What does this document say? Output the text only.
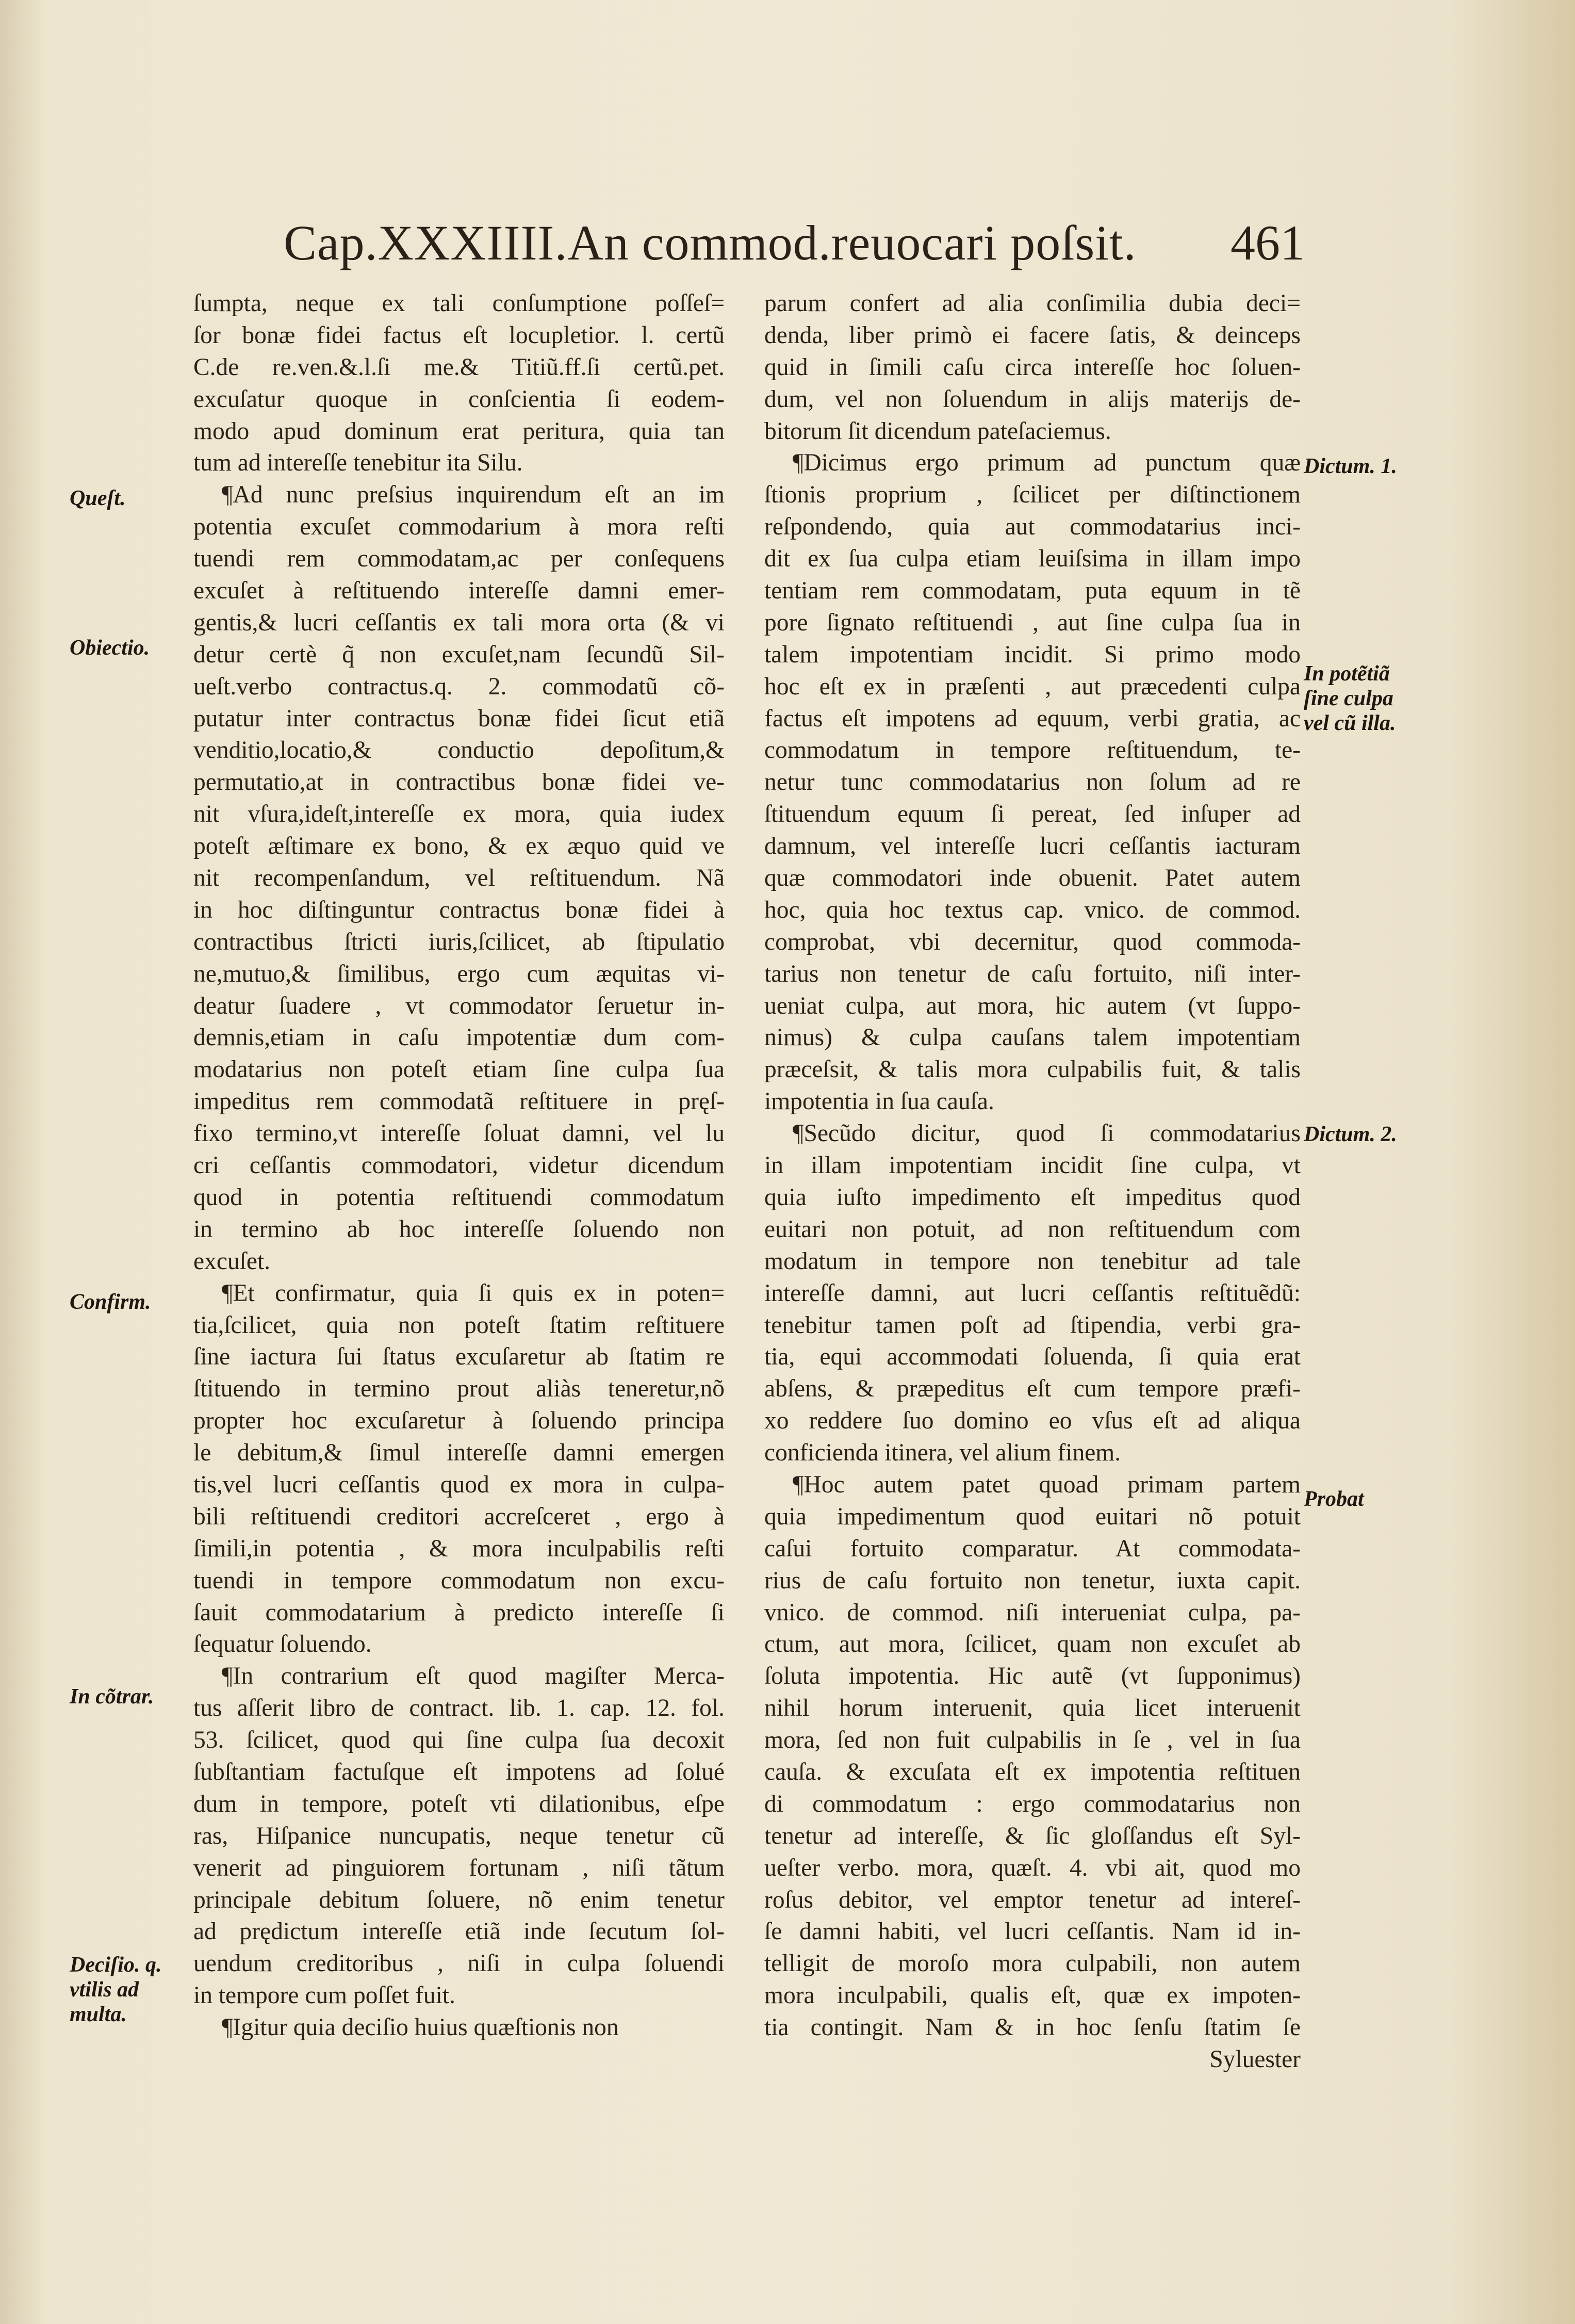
Cap.XXXIIII.An commod.reuocari poſsit. 461
ſumpta, neque ex tali conſumptione poſſeſ=
ſor bonæ fidei factus eſt locupletior. l. certũ
C.de re.ven.&.l.ſi me.& Titiũ.ff.ſi certũ.pet.
excuſatur quoque in conſcientia ſi eodem-
modo apud dominum erat peritura, quia tan
tum ad intereſſe tenebitur ita Silu.
¶Ad nunc preſsius inquirendum eſt an im
potentia excuſet commodarium à mora reſti
tuendi rem commodatam,ac per conſequens
excuſet à reſtituendo intereſſe damni emer-
gentis,& lucri ceſſantis ex tali mora orta (& vi
detur certè q̃ non excuſet,nam ſecundũ Sil-
ueſt.verbo contractus.q. 2. commodatũ cõ-
putatur inter contractus bonæ fidei ſicut etiã
venditio,locatio,& conductio depoſitum,&
permutatio,at in contractibus bonæ fidei ve-
nit vſura,ideſt,intereſſe ex mora, quia iudex
poteſt æſtimare ex bono, & ex æquo quid ve
nit recompenſandum, vel reſtituendum. Nã
in hoc diſtinguntur contractus bonæ fidei à
contractibus ſtricti iuris,ſcilicet, ab ſtipulatio
ne,mutuo,& ſimilibus, ergo cum æquitas vi-
deatur ſuadere , vt commodator ſeruetur in-
demnis,etiam in caſu impotentiæ dum com-
modatarius non poteſt etiam ſine culpa ſua
impeditus rem commodatã reſtituere in pręſ-
fixo termino,vt intereſſe ſoluat damni, vel lu
cri ceſſantis commodatori, videtur dicendum
quod in potentia reſtituendi commodatum
in termino ab hoc intereſſe ſoluendo non
excuſet.
¶Et confirmatur, quia ſi quis ex in poten=
tia,ſcilicet, quia non poteſt ſtatim reſtituere
ſine iactura ſui ſtatus excuſaretur ab ſtatim re
ſtituendo in termino prout aliàs teneretur,nõ
propter hoc excuſaretur à ſoluendo principa
le debitum,& ſimul intereſſe damni emergen
tis,vel lucri ceſſantis quod ex mora in culpa-
bili reſtituendi creditori accreſceret , ergo à
ſimili,in potentia , & mora inculpabilis reſti
tuendi in tempore commodatum non excu-
ſauit commodatarium à predicto intereſſe ſi
ſequatur ſoluendo.
¶In contrarium eſt quod magiſter Merca-
tus aſſerit libro de contract. lib. 1. cap. 12. fol.
53. ſcilicet, quod qui ſine culpa ſua decoxit
ſubſtantiam factuſque eſt impotens ad ſolué
dum in tempore, poteſt vti dilationibus, eſpe
ras, Hiſpanice nuncupatis, neque tenetur cũ
venerit ad pinguiorem fortunam , niſi tãtum
principale debitum ſoluere, nõ enim tenetur
ad prędictum intereſſe etiã inde ſecutum ſol-
uendum creditoribus , niſi in culpa ſoluendi
in tempore cum poſſet fuit.
¶Igitur quia deciſio huius quæſtionis non
parum confert ad alia conſimilia dubia deci=
denda, liber primò ei facere ſatis, & deinceps
quid in ſimili caſu circa intereſſe hoc ſoluen-
dum, vel non ſoluendum in alijs materijs de-
bitorum ſit dicendum pateſaciemus.
¶Dicimus ergo primum ad punctum quæ
ſtionis proprium , ſcilicet per diſtinctionem
reſpondendo, quia aut commodatarius inci-
dit ex ſua culpa etiam leuiſsima in illam impo
tentiam rem commodatam, puta equum in tẽ
pore ſignato reſtituendi , aut ſine culpa ſua in
talem impotentiam incidit. Si primo modo
hoc eſt ex in præſenti , aut præcedenti culpa
factus eſt impotens ad equum, verbi gratia, ac
commodatum in tempore reſtituendum, te-
netur tunc commodatarius non ſolum ad re
ſtituendum equum ſi pereat, ſed inſuper ad
damnum, vel intereſſe lucri ceſſantis iacturam
quæ commodatori inde obuenit. Patet autem
hoc, quia hoc textus cap. vnico. de commod.
comprobat, vbi decernitur, quod commoda-
tarius non tenetur de caſu fortuito, niſi inter-
ueniat culpa, aut mora, hic autem (vt ſuppo-
nimus) & culpa cauſans talem impotentiam
præceſsit, & talis mora culpabilis fuit, & talis
impotentia in ſua cauſa.
¶Secũdo dicitur, quod ſi commodatarius
in illam impotentiam incidit ſine culpa, vt
quia iuſto impedimento eſt impeditus quod
euitari non potuit, ad non reſtituendum com
modatum in tempore non tenebitur ad tale
intereſſe damni, aut lucri ceſſantis reſtituẽdũ:
tenebitur tamen poſt ad ſtipendia, verbi gra-
tia, equi accommodati ſoluenda, ſi quia erat
abſens, & præpeditus eſt cum tempore præfi-
xo reddere ſuo domino eo vſus eſt ad aliqua
conficienda itinera, vel alium finem.
¶Hoc autem patet quoad primam partem
quia impedimentum quod euitari nõ potuit
caſui fortuito comparatur. At commodata-
rius de caſu fortuito non tenetur, iuxta capit.
vnico. de commod. niſi interueniat culpa, pa-
ctum, aut mora, ſcilicet, quam non excuſet ab
ſoluta impotentia. Hic autẽ (vt ſupponimus)
nihil horum interuenit, quia licet interuenit
mora, ſed non fuit culpabilis in ſe , vel in ſua
cauſa. & excuſata eſt ex impotentia reſtituen
di commodatum : ergo commodatarius non
tenetur ad intereſſe, & ſic gloſſandus eſt Syl-
ueſter verbo. mora, quæſt. 4. vbi ait, quod mo
roſus debitor, vel emptor tenetur ad intereſ-
ſe damni habiti, vel lucri ceſſantis. Nam id in-
telligit de moroſo mora culpabili, non autem
mora inculpabili, qualis eſt, quæ ex impoten-
tia contingit. Nam & in hoc ſenſu ſtatim ſe
Syluester
Queſt.
Obiectio.
Confirm.
In cõtrar.
Deciſio. q.
vtilis ad
multa.
Dictum. 1.
In potẽtiã
ſine culpa
vel cũ illa.
Dictum. 2.
Probat
